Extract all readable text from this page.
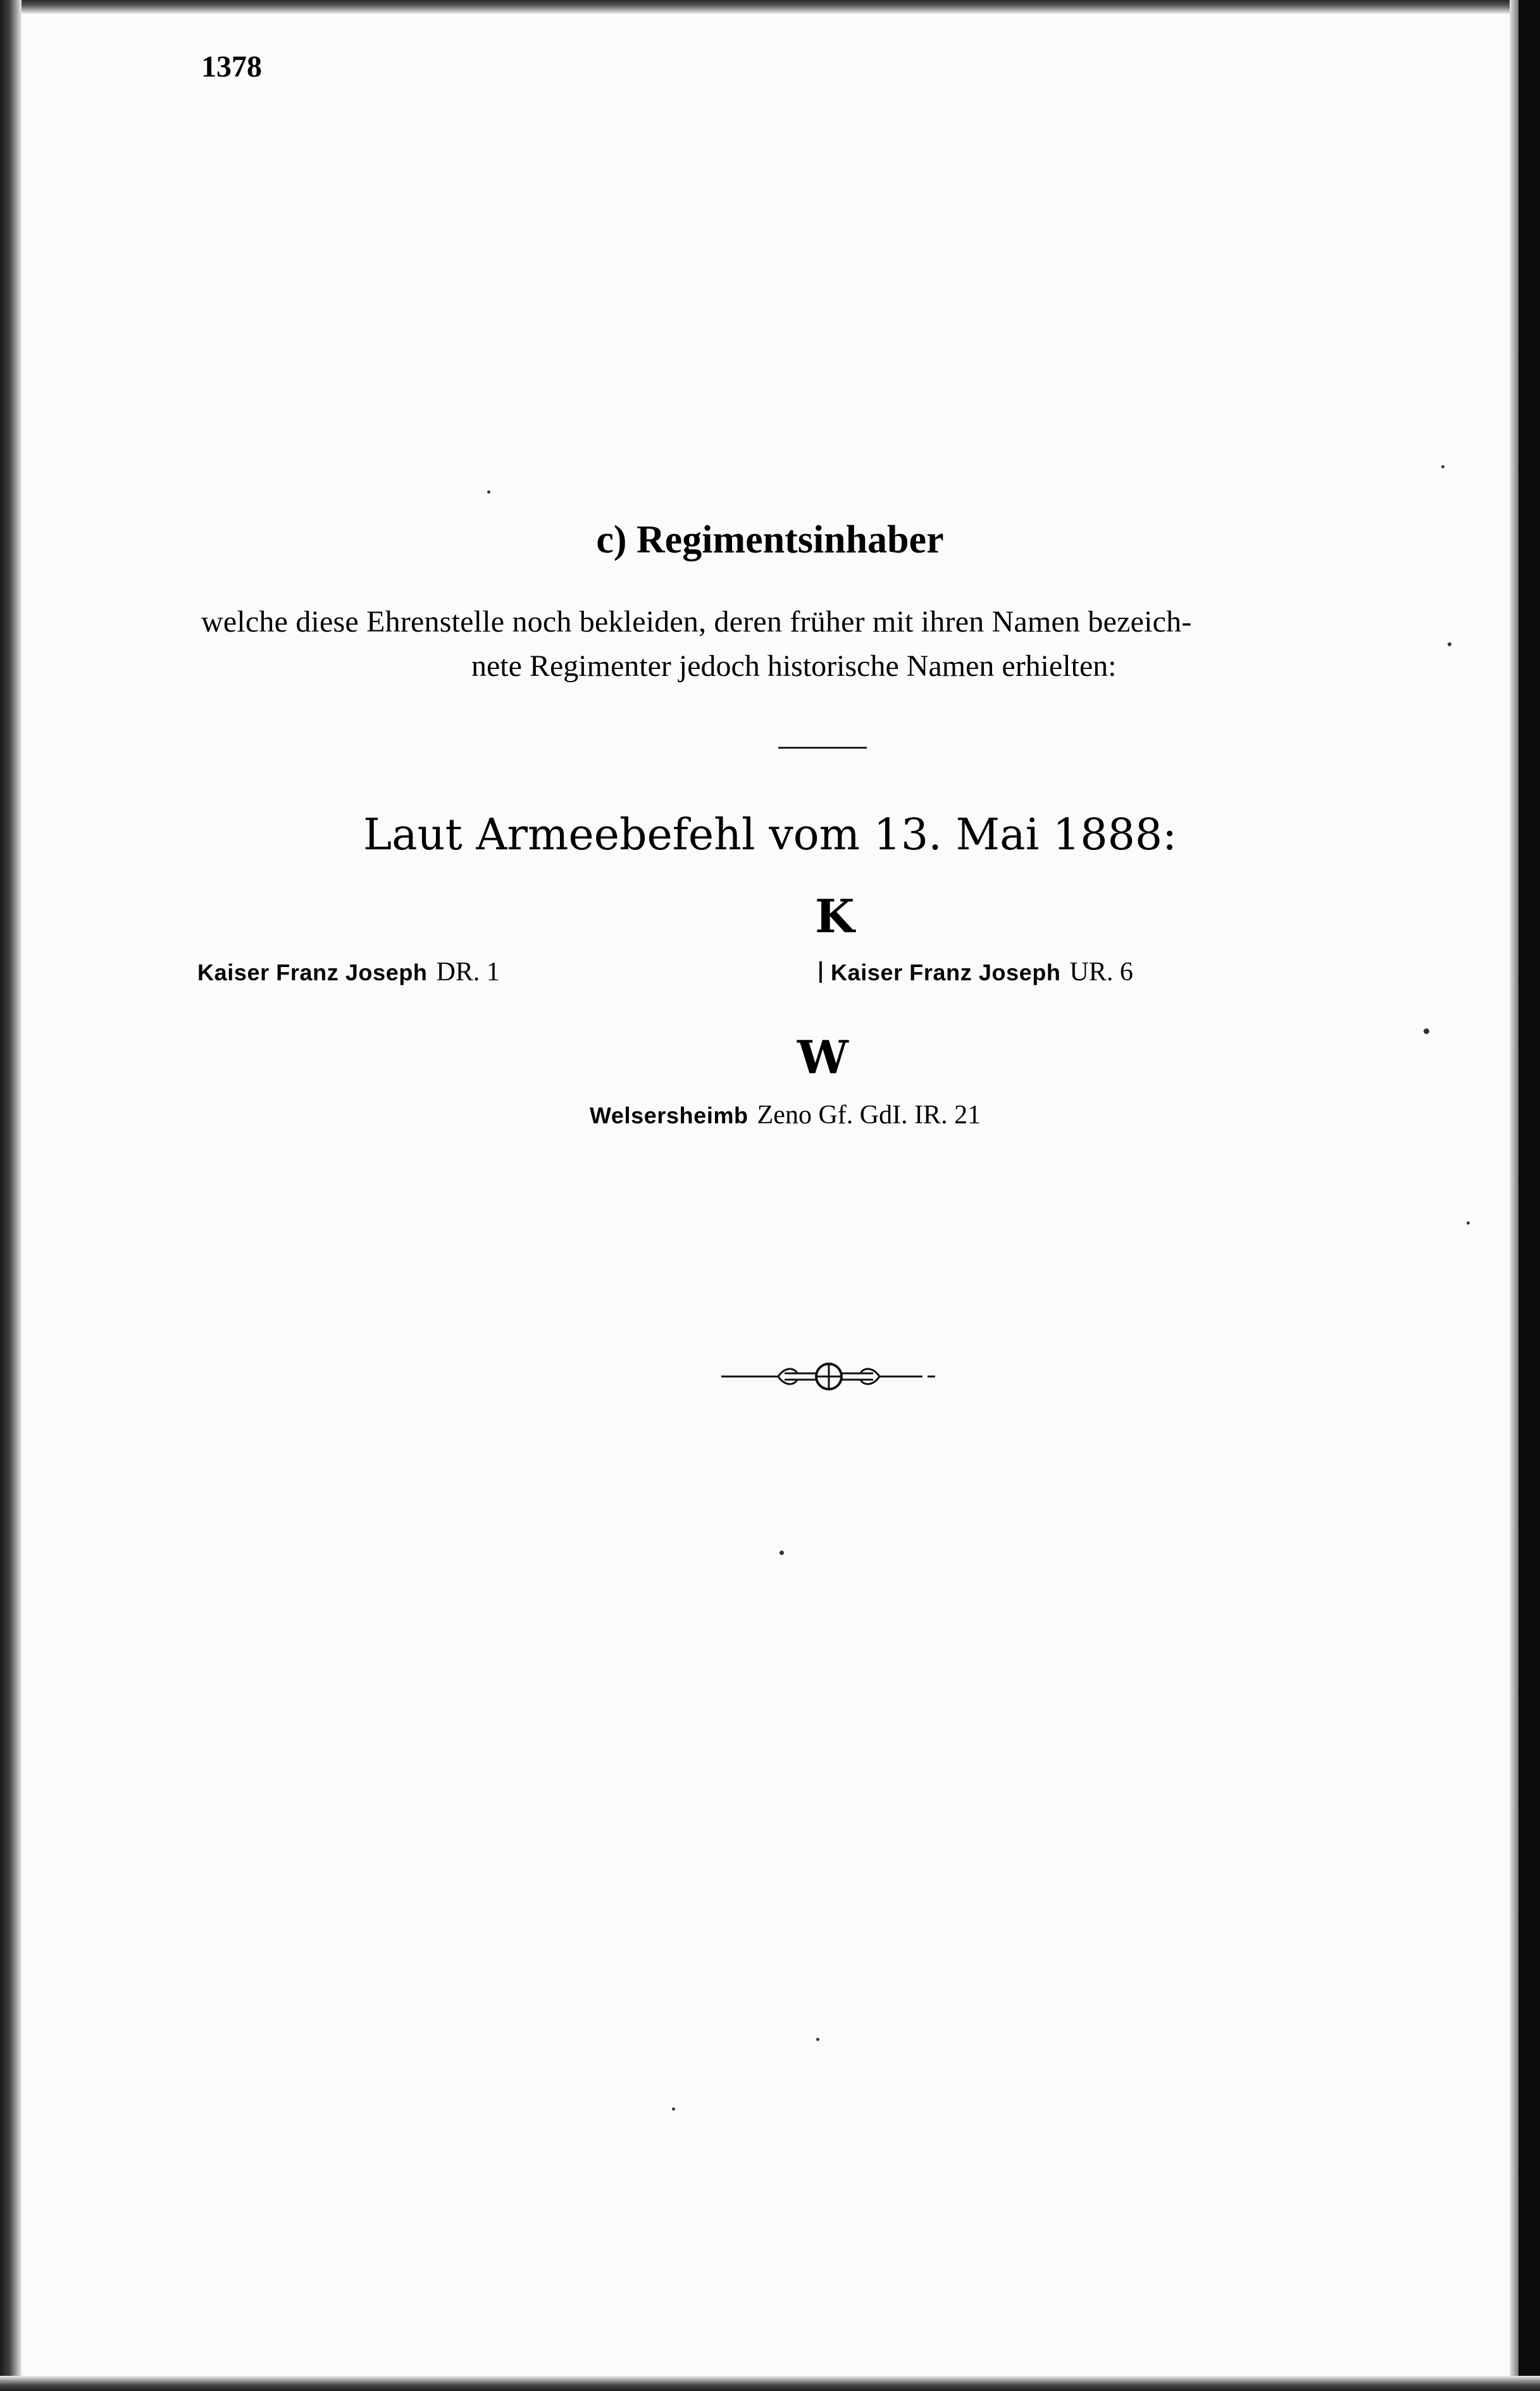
1378
c) Regimentsinhaber
welche diese Ehrenstelle noch bekleiden, deren früher mit ihren Namen bezeich-
nete Regimenter jedoch historische Namen erhielten:
Laut Armeebefehl vom 13. Mai 1888:
K
Kaiser Franz Joseph DR. 1	Kaiser Franz Joseph UR. 6
W
Welsersheimb Zeno Gf. GdI. IR. 21
